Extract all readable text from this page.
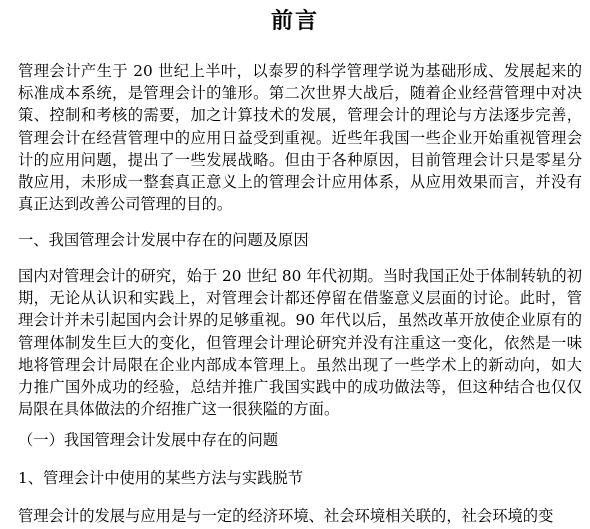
前言

管理会计产生于 20 世纪上半叶，以泰罗的科学管理学说为基础形成、发展起来的标准成本系统，是管理会计的雏形。第二次世界大战后，随着企业经营管理中对决策、控制和考核的需要，加之计算技术的发展，管理会计的理论与方法逐步完善，管理会计在经营管理中的应用日益受到重视。近些年我国一些企业开始重视管理会计的应用问题，提出了一些发展战略。但由于各种原因，目前管理会计只是零星分散应用，未形成一整套真正意义上的管理会计应用体系，从应用效果而言，并没有真正达到改善公司管理的目的。

一、我国管理会计发展中存在的问题及原因

国内对管理会计的研究，始于 20 世纪 80 年代初期。当时我国正处于体制转轨的初期，无论从认识和实践上，对管理会计都还停留在借鉴意义层面的讨论。此时，管理会计并未引起国内会计界的足够重视。90 年代以后，虽然改革开放使企业原有的管理体制发生巨大的变化，但管理会计理论研究并没有注重这一变化，依然是一味地将管理会计局限在企业内部成本管理上。虽然出现了一些学术上的新动向，如大力推广国外成功的经验，总结并推广我国实践中的成功做法等，但这种结合也仅仅局限在具体做法的介绍推广这一很狭隘的方面。

（一）我国管理会计发展中存在的问题

1、管理会计中使用的某些方法与实践脱节

管理会计的发展与应用是与一定的经济环境、社会环境相关联的，社会环境的变
